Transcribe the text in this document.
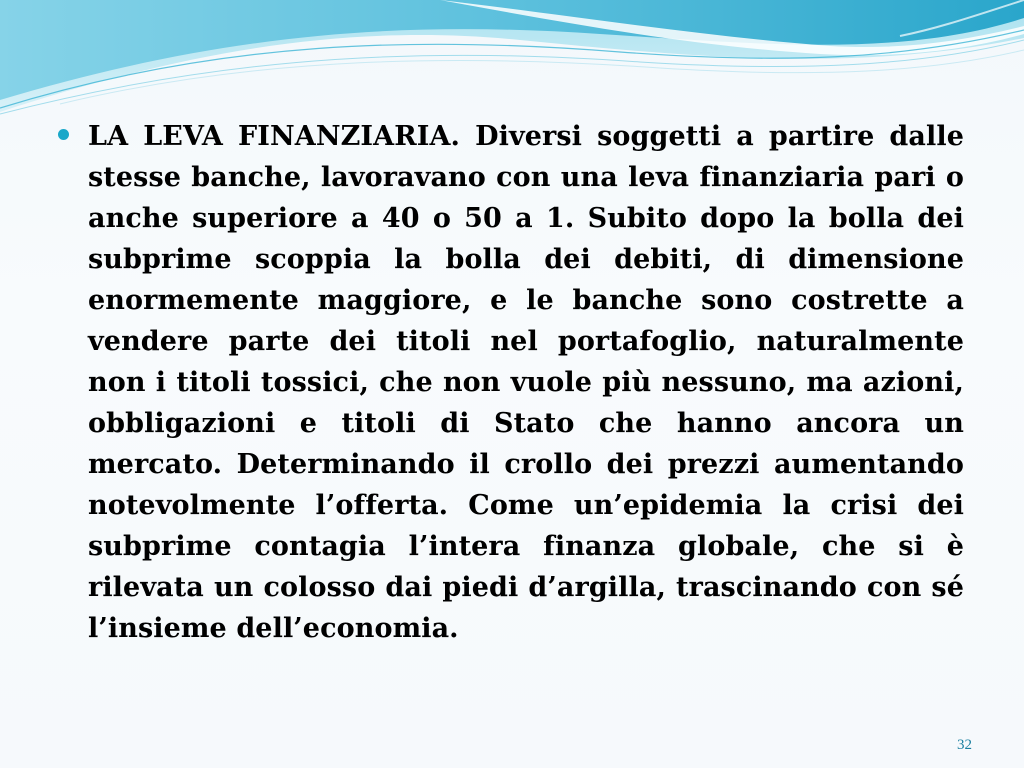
LA LEVA FINANZIARIA. Diversi soggetti a partire dalle stesse banche, lavoravano con una leva finanziaria pari o anche superiore a 40 o 50 a 1. Subito dopo la bolla dei subprime scoppia la bolla dei debiti, di dimensione enormemente maggiore, e le banche sono costrette a vendere parte dei titoli nel portafoglio, naturalmente non i titoli tossici, che non vuole più nessuno, ma azioni, obbligazioni e titoli di Stato che hanno ancora un mercato. Determinando il crollo dei prezzi aumentando notevolmente l’offerta. Come un’epidemia la crisi dei subprime contagia l’intera finanza globale, che si è rilevata un colosso dai piedi d’argilla, trascinando con sé l’insieme dell’economia.

32
